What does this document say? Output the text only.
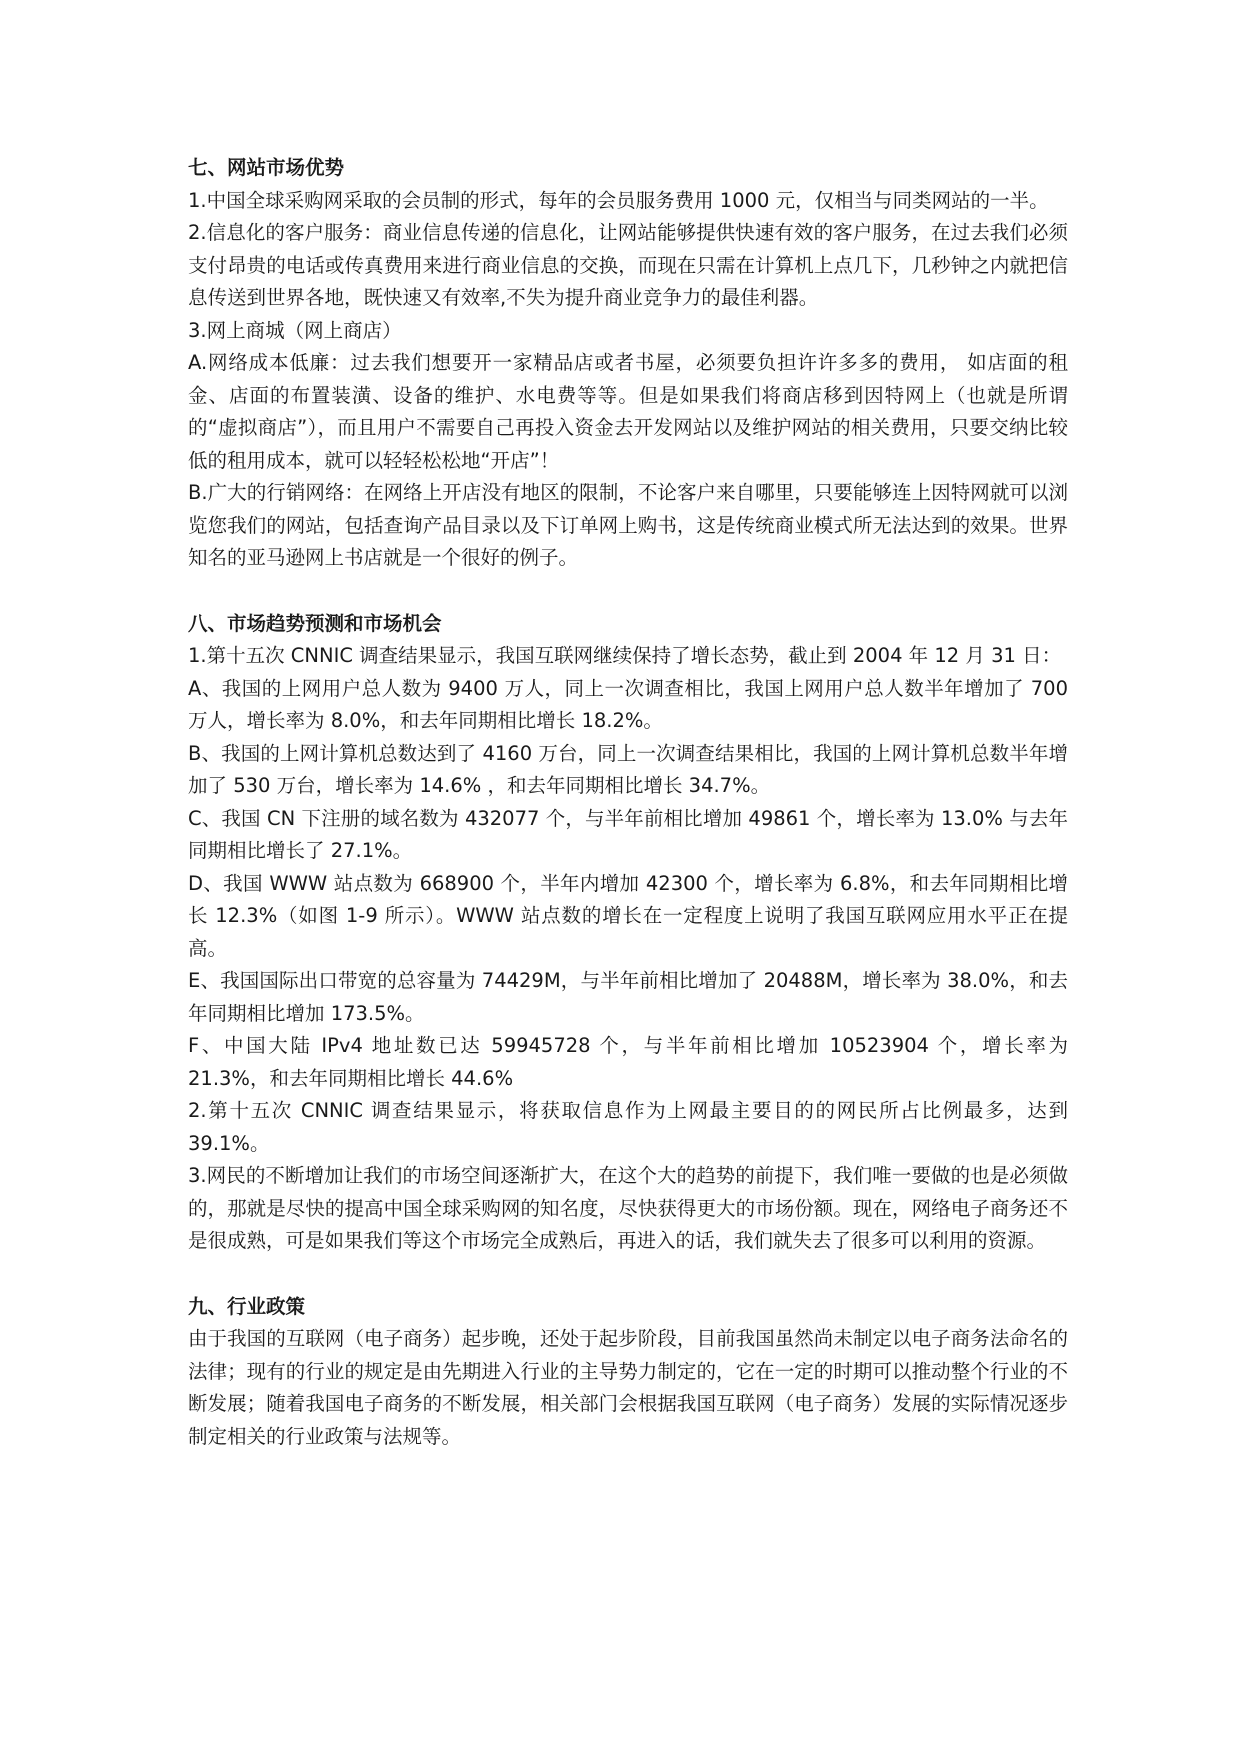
七、网站市场优势

1.中国全球采购网采取的会员制的形式，每年的会员服务费用 1000 元，仅相当与同类网站的一半。

2.信息化的客户服务：商业信息传递的信息化，让网站能够提供快速有效的客户服务，在过去我们必须支付昂贵的电话或传真费用来进行商业信息的交换，而现在只需在计算机上点几下，几秒钟之内就把信息传送到世界各地，既快速又有效率,不失为提升商业竞争力的最佳利器。

3.网上商城（网上商店）

A.网络成本低廉：过去我们想要开一家精品店或者书屋，必须要负担许许多多的费用， 如店面的租金、店面的布置装潢、设备的维护、水电费等等。但是如果我们将商店移到因特网上（也就是所谓的“虚拟商店”），而且用户不需要自己再投入资金去开发网站以及维护网站的相关费用，只要交纳比较低的租用成本，就可以轻轻松松地“开店”！

B.广大的行销网络：在网络上开店没有地区的限制，不论客户来自哪里，只要能够连上因特网就可以浏览您我们的网站，包括查询产品目录以及下订单网上购书，这是传统商业模式所无法达到的效果。世界知名的亚马逊网上书店就是一个很好的例子。

八、市场趋势预测和市场机会

1.第十五次 CNNIC 调查结果显示，我国互联网继续保持了增长态势，截止到 2004 年 12 月 31 日：

A、我国的上网用户总人数为 9400 万人，同上一次调查相比，我国上网用户总人数半年增加了 700 万人，增长率为 8.0%，和去年同期相比增长 18.2%。

B、我国的上网计算机总数达到了 4160 万台，同上一次调查结果相比，我国的上网计算机总数半年增加了 530 万台，增长率为 14.6% ，和去年同期相比增长 34.7%。

C、我国 CN 下注册的域名数为 432077 个，与半年前相比增加 49861 个，增长率为 13.0% 与去年同期相比增长了 27.1%。

D、我国 WWW 站点数为 668900 个，半年内增加 42300 个，增长率为 6.8%，和去年同期相比增长 12.3%（如图 1-9 所示）。WWW 站点数的增长在一定程度上说明了我国互联网应用水平正在提高。

E、我国国际出口带宽的总容量为 74429M，与半年前相比增加了 20488M，增长率为 38.0%，和去年同期相比增加 173.5%。

F、中国大陆 IPv4 地址数已达 59945728 个，与半年前相比增加 10523904 个，增长率为 21.3%，和去年同期相比增长 44.6%

2.第十五次 CNNIC 调查结果显示，将获取信息作为上网最主要目的的网民所占比例最多，达到 39.1%。

3.网民的不断增加让我们的市场空间逐渐扩大，在这个大的趋势的前提下，我们唯一要做的也是必须做的，那就是尽快的提高中国全球采购网的知名度，尽快获得更大的市场份额。现在，网络电子商务还不是很成熟，可是如果我们等这个市场完全成熟后，再进入的话，我们就失去了很多可以利用的资源。

九、行业政策

由于我国的互联网（电子商务）起步晚，还处于起步阶段，目前我国虽然尚未制定以电子商务法命名的法律；现有的行业的规定是由先期进入行业的主导势力制定的，它在一定的时期可以推动整个行业的不断发展；随着我国电子商务的不断发展，相关部门会根据我国互联网（电子商务）发展的实际情况逐步制定相关的行业政策与法规等。
